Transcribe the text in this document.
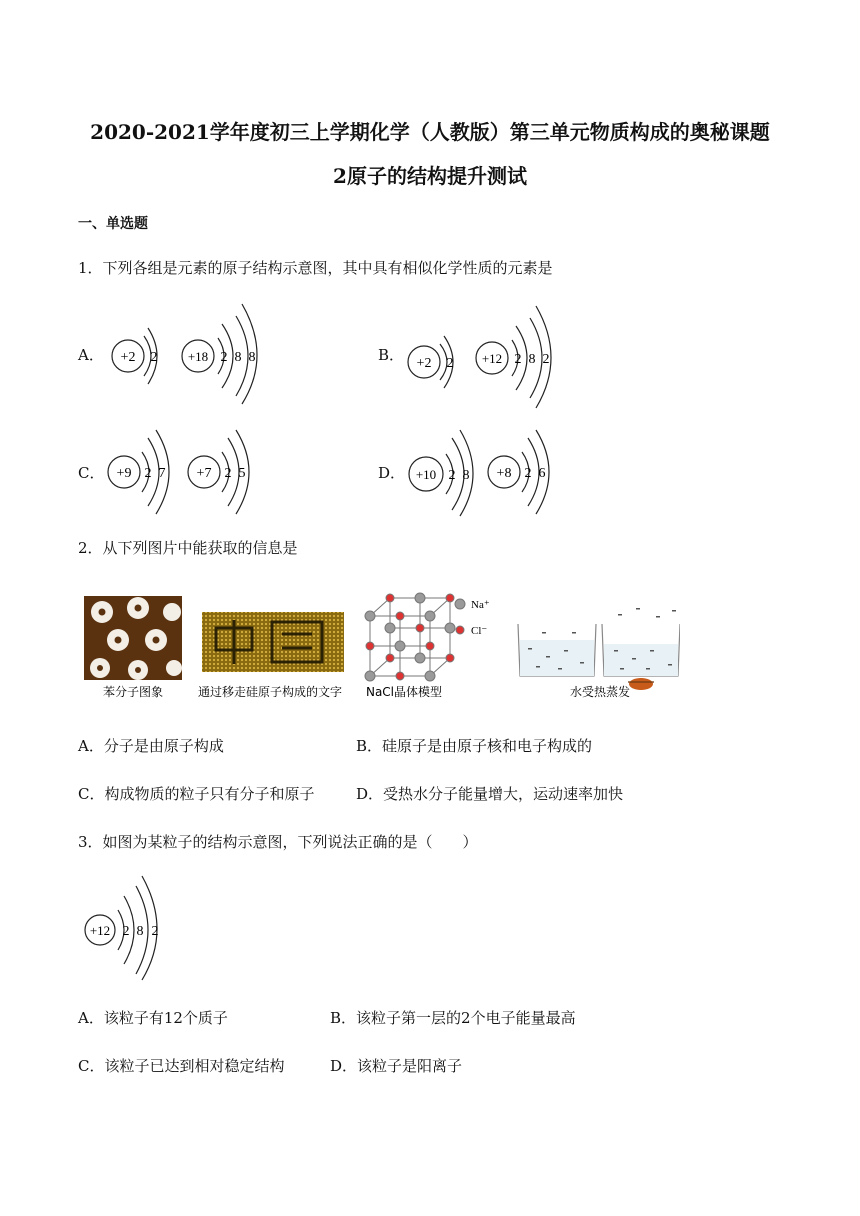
2020-2021学年度初三上学期化学（人教版）第三单元物质构成的奥秘课题
2原子的结构提升测试
一、单选题
1．下列各组是元素的原子结构示意图，其中具有相似化学性质的元素是
A．	B．
C．	D．
+2 2 +18 2 8 8	+2 2 +12 2 8 2
+9 2 7 +7 2 5	+10 2 8 +8 2 6
2．从下列图片中能获取的信息是
Na⁺
Cl⁻
苯分子图象	通过移走硅原子构成的文字 NaCl晶体模型	水受热蒸发
A．分子是由原子构成	B．硅原子是由原子核和电子构成的
C．构成物质的粒子只有分子和原子	D．受热水分子能量增大，运动速率加快
3．如图为某粒子的结构示意图，下列说法正确的是（　　）
+12 2 8 2
A．该粒子有12个质子	B．该粒子第一层的2个电子能量最高
C．该粒子已达到相对稳定结构	D．该粒子是阳离子
